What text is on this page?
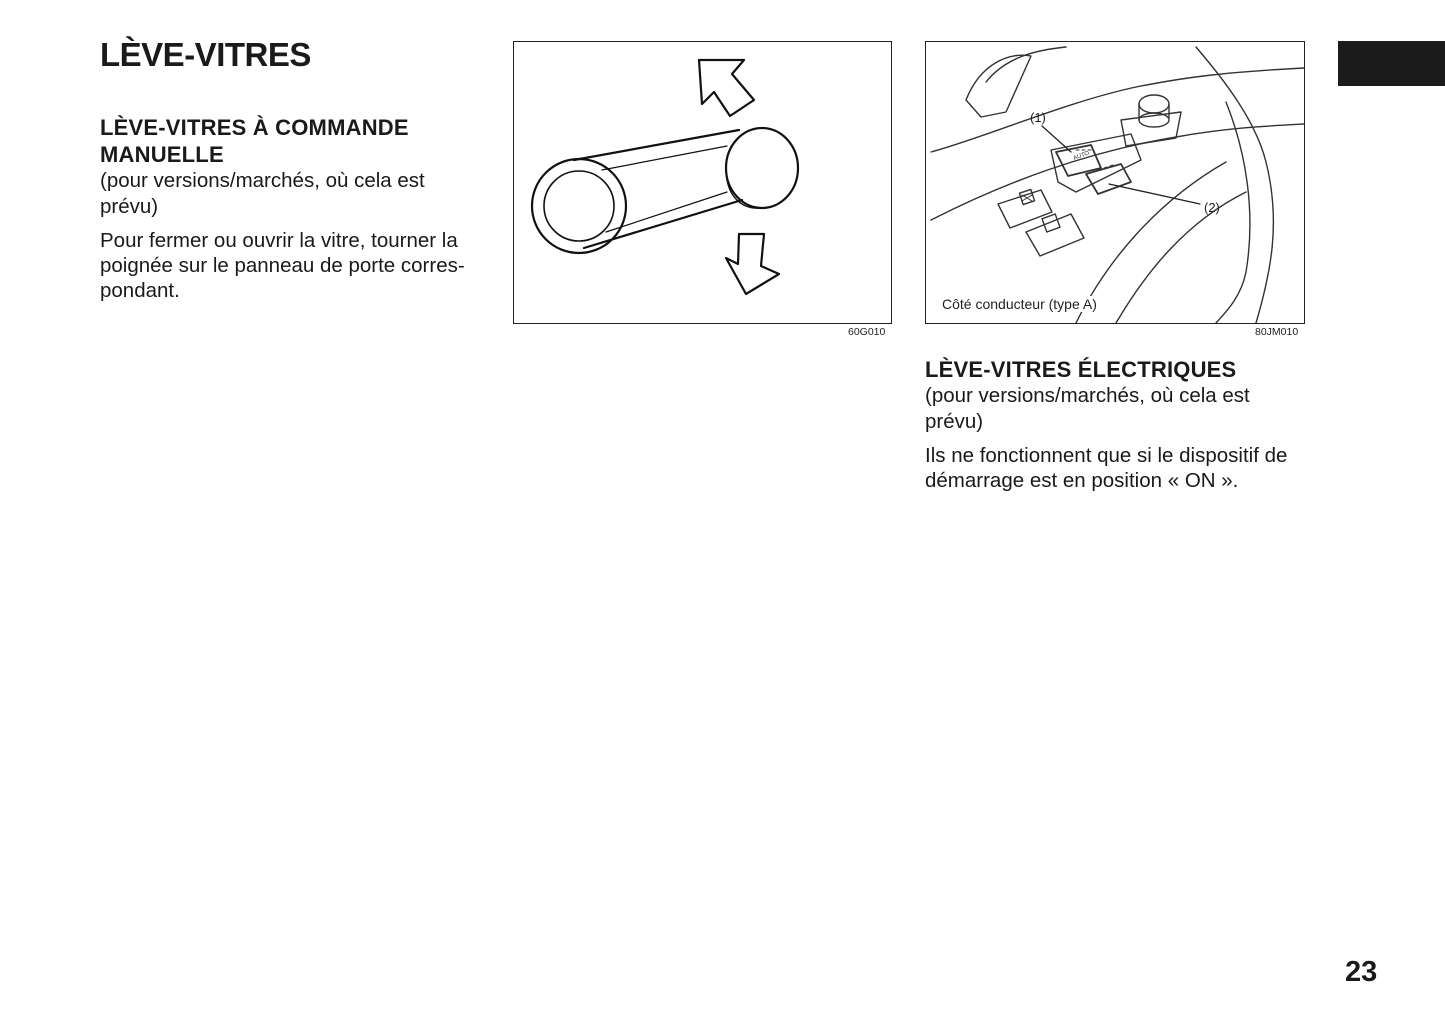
LÈVE-VITRES
LÈVE-VITRES À COMMANDE
MANUELLE

(pour versions/marchés, où cela est
prévu)

Pour fermer ou ouvrir la vitre, tourner la
poignée sur le panneau de porte corres-
pondant.

60G010
AUTO
(1)
(2)
Côté conducteur (type A)
80JM010
LÈVE-VITRES ÉLECTRIQUES

(pour versions/marchés, où cela est
prévu)

Ils ne fonctionnent que si le dispositif de
démarrage est en position « ON ».

23
